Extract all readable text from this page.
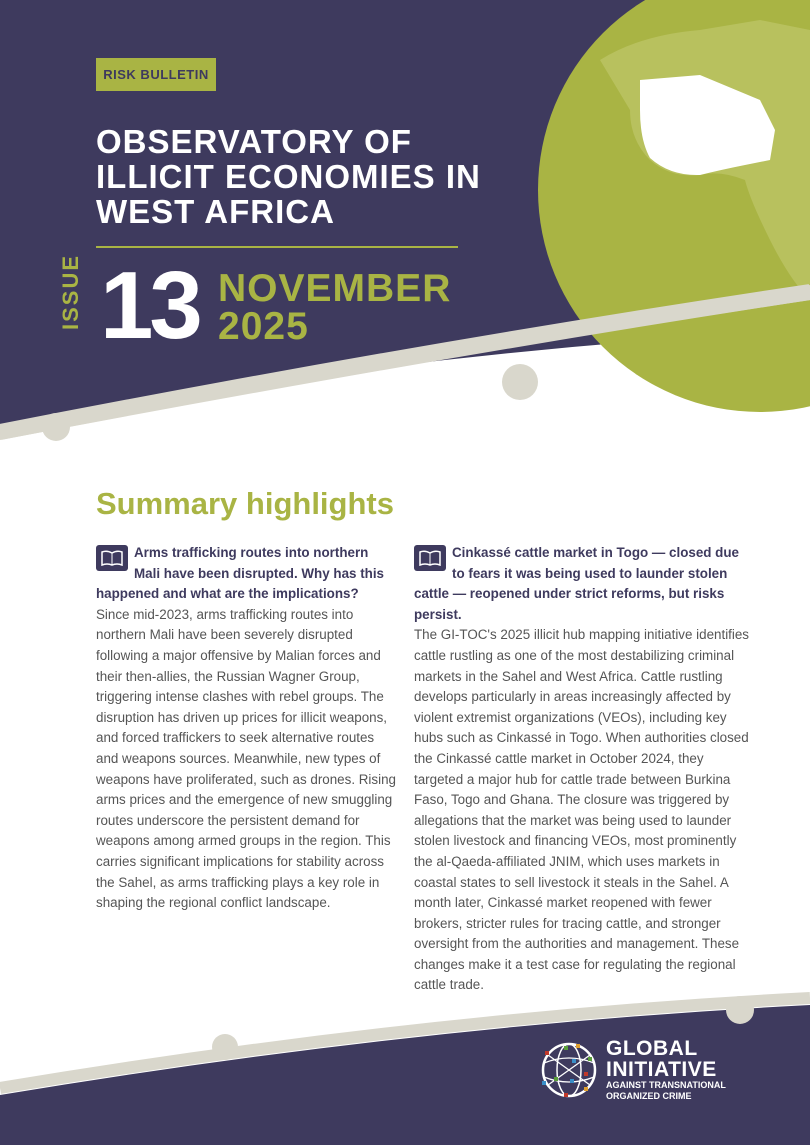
RISK BULLETIN
OBSERVATORY OF ILLICIT ECONOMIES IN WEST AFRICA
ISSUE 13 NOVEMBER
2025
Summary highlights
Arms trafficking routes into northern Mali have been disrupted. Why has this happened and what are the implications?

Since mid-2023, arms trafficking routes into northern Mali have been severely disrupted following a major offensive by Malian forces and their then-allies, the Russian Wagner Group, triggering intense clashes with rebel groups. The disruption has driven up prices for illicit weapons, and forced traffickers to seek alternative routes and weapons sources. Meanwhile, new types of weapons have proliferated, such as drones. Rising arms prices and the emergence of new smuggling routes underscore the persistent demand for weapons among armed groups in the region. This carries significant implications for stability across the Sahel, as arms trafficking plays a key role in shaping the regional conflict landscape.

Cinkassé cattle market in Togo — closed due to fears it was being used to launder stolen cattle — reopened under strict reforms, but risks persist.

The GI-TOC's 2025 illicit hub mapping initiative identifies cattle rustling as one of the most destabilizing criminal markets in the Sahel and West Africa. Cattle rustling develops particularly in areas increasingly affected by violent extremist organizations (VEOs), including key hubs such as Cinkassé in Togo. When authorities closed the Cinkassé cattle market in October 2024, they targeted a major hub for cattle trade between Burkina Faso, Togo and Ghana. The closure was triggered by allegations that the market was being used to launder stolen livestock and financing VEOs, most prominently the al-Qaeda-affiliated JNIM, which uses markets in coastal states to sell livestock it steals in the Sahel. A month later, Cinkassé market reopened with fewer brokers, stricter rules for tracing cattle, and stronger oversight from the authorities and management. These changes make it a test case for regulating the regional cattle trade.

GLOBAL
INITIATIVE
AGAINST TRANSNATIONAL
ORGANIZED CRIME
